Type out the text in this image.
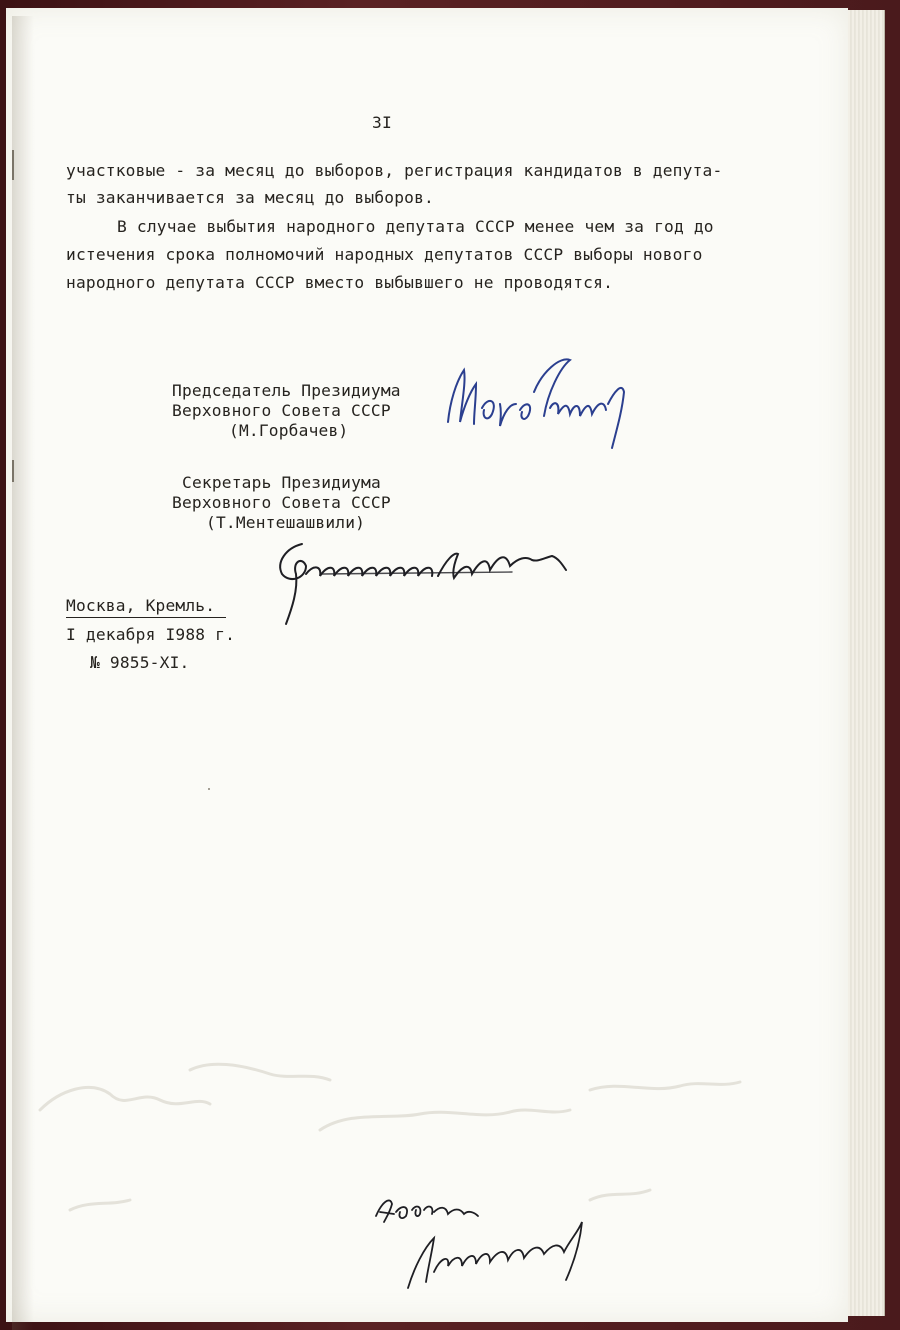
3I
участковые - за месяц до выборов, регистрация кандидатов в депута-
ты заканчивается за месяц до выборов.
В случае выбытия народного депутата СССР менее чем за год до
истечения срока полномочий народных депутатов СССР выборы нового
народного депутата СССР вместо выбывшего не проводятся.
Председатель Президиума
Верховного Совета СССР
(М.Горбачев)
Секретарь Президиума
Верховного Совета СССР
(Т.Ментешашвили)
Москва, Кремль.
I декабря I988 г.
№ 9855-XI.
